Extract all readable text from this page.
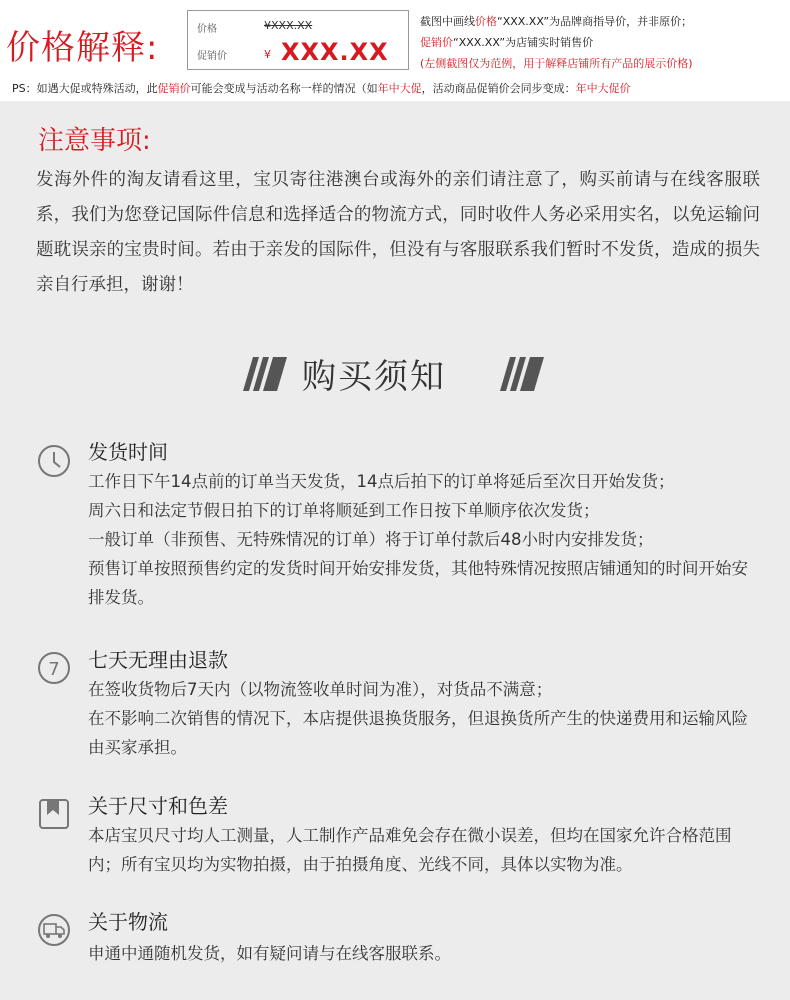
价格解释:	价格	¥XXX.XX
促销价	¥ XXX.XX
截图中画线价格“XXX.XX”为品牌商指导价，并非原价；
促销价“XXX.XX”为店铺实时销售价
(左侧截图仅为范例，用于解释店铺所有产品的展示价格)
PS：如遇大促或特殊活动，此促销价可能会变成与活动名称一样的情况（如年中大促，活动商品促销价会同步变成：年中大促价
注意事项:
发海外件的淘友请看这里，宝贝寄往港澳台或海外的亲们请注意了，购买前请与在线客服联系，我们为您登记国际件信息和选择适合的物流方式，同时收件人务必采用实名，以免运输问题耽误亲的宝贵时间。若由于亲发的国际件，但没有与客服联系我们暂时不发货，造成的损失亲自行承担，谢谢！
购买须知
发货时间
工作日下午14点前的订单当天发货，14点后拍下的订单将延后至次日开始发货；
周六日和法定节假日拍下的订单将顺延到工作日按下单顺序依次发货；
一般订单（非预售、无特殊情况的订单）将于订单付款后48小时内安排发货；
预售订单按照预售约定的发货时间开始安排发货，其他特殊情况按照店铺通知的时间开始安排发货。
7 七天无理由退款
在签收货物后7天内（以物流签收单时间为准），对货品不满意；
在不影响二次销售的情况下，本店提供退换货服务，但退换货所产生的快递费用和运输风险由买家承担。
关于尺寸和色差
本店宝贝尺寸均人工测量，人工制作产品难免会存在微小误差，但均在国家允许合格范围内；所有宝贝均为实物拍摄，由于拍摄角度、光线不同，具体以实物为准。
关于物流
申通中通随机发货，如有疑问请与在线客服联系。
